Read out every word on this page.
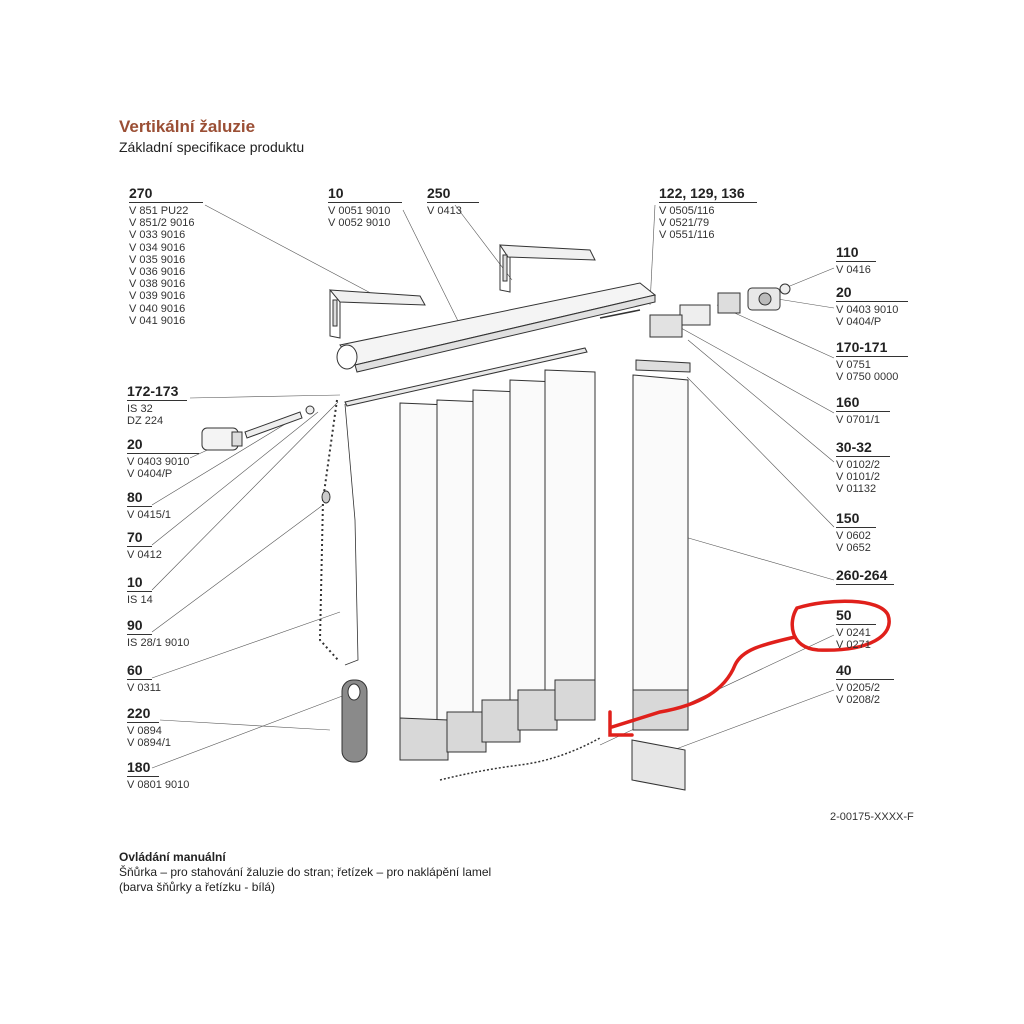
Vertikální žaluzie
Základní specifikace produktu
270
V 851 PU22
V 851/2 9016
V 033 9016
V 034 9016
V 035 9016
V 036 9016
V 038 9016
V 039 9016
V 040 9016
V 041 9016
10
V 0051 9010
V 0052 9010
250
V 0413
122, 129, 136
V 0505/116
V 0521/79
V 0551/116
110
V 0416
20
V 0403 9010
V 0404/P
170-171
V 0751
V 0750 0000
160
V 0701/1
30-32
V 0102/2
V 0101/2
V 01132
150
V 0602
V 0652
260-264
50
V 0241
V 0271
40
V 0205/2
V 0208/2
172-173
IS 32
DZ 224
20
V 0403 9010
V 0404/P
80
V 0415/1
70
V 0412
10
IS 14
90
IS 28/1 9010
60
V 0311
220
V 0894
V 0894/1
180
V 0801 9010
2-00175-XXXX-F
Ovládání manuální
Šňůrka – pro stahování žaluzie do stran; řetízek – pro naklápění lamel
(barva šňůrky a řetízku - bílá)
